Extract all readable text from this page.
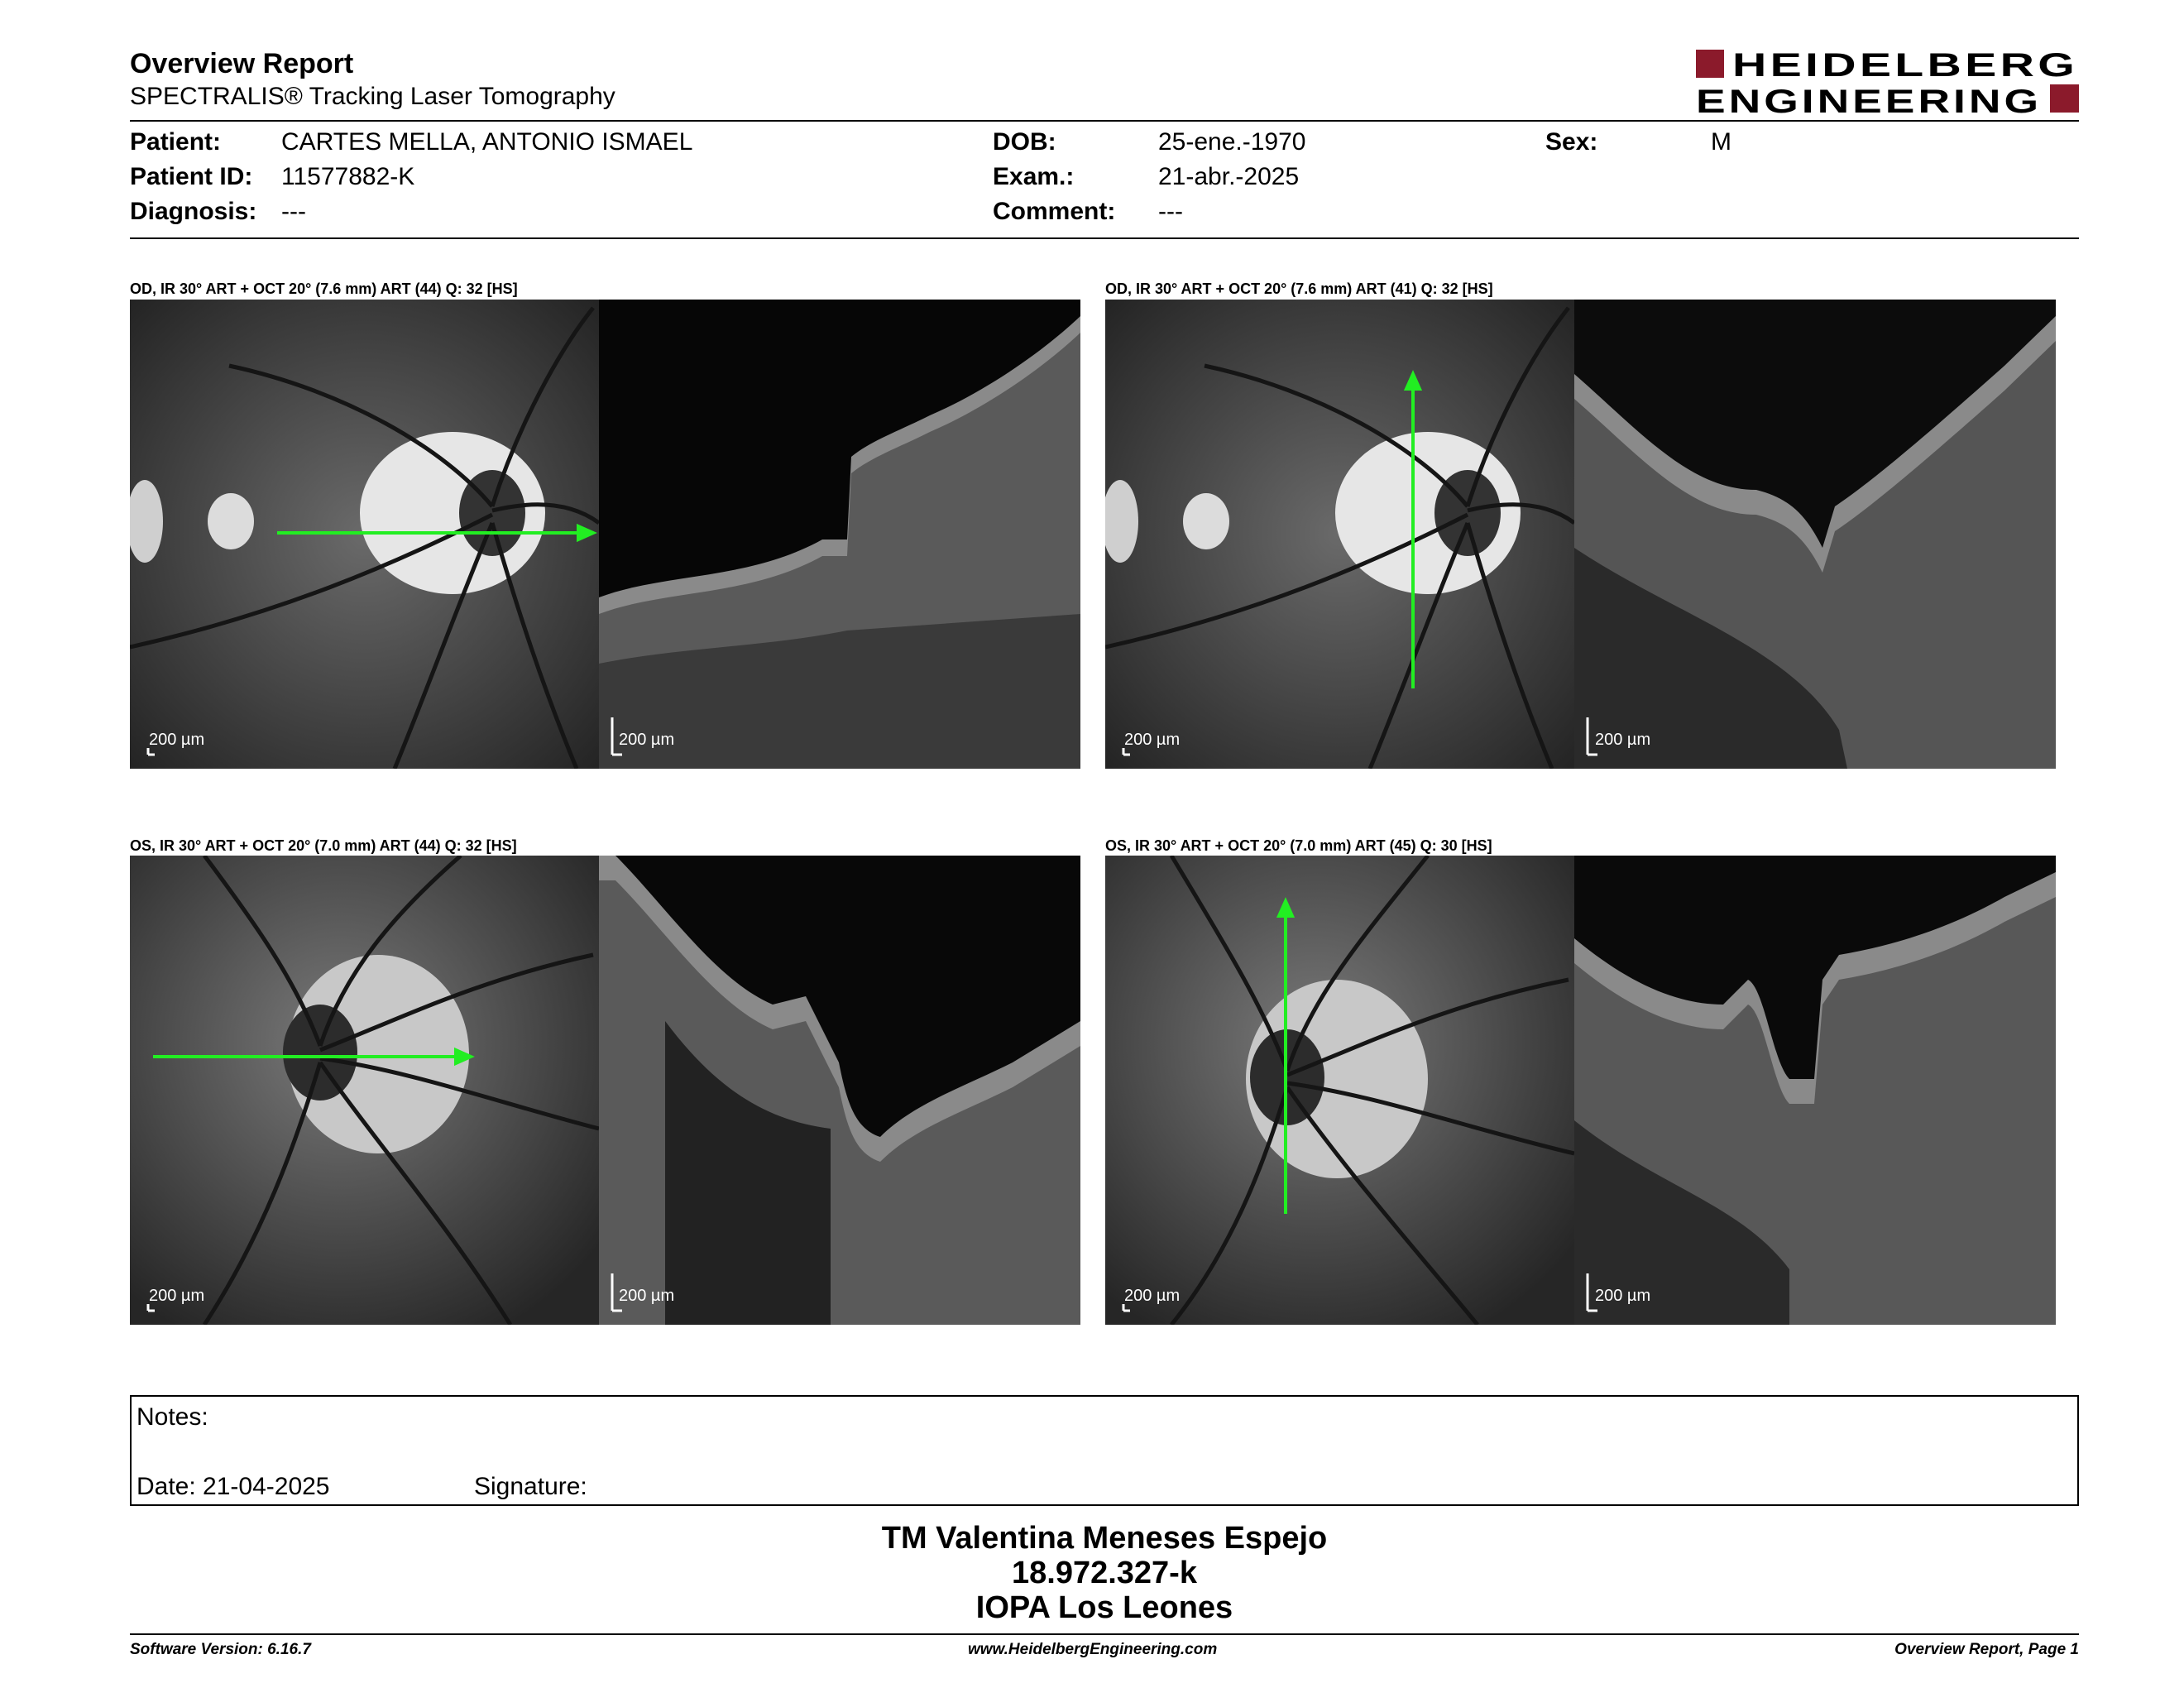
Overview Report
SPECTRALIS® Tracking Laser Tomography
HEIDELBERG
ENGINEERING
Patient: CARTES MELLA, ANTONIO ISMAEL	DOB:	25-ene.-1970	Sex:	M
Patient ID: 11577882-K	Exam.:	21-abr.-2025
Diagnosis: ---	Comment: ---
OD, IR 30° ART + OCT 20° (7.6 mm) ART (44) Q: 32 [HS]
200 µm	200 µm
OD, IR 30° ART + OCT 20° (7.6 mm) ART (41) Q: 32 [HS]
200 µm	200 µm
OS, IR 30° ART + OCT 20° (7.0 mm) ART (44) Q: 32 [HS]
200 µm	200 µm
OS, IR 30° ART + OCT 20° (7.0 mm) ART (45) Q: 30 [HS]
200 µm	200 µm
Notes:
Date: 21-04-2025	Signature:
TM Valentina Meneses Espejo
18.972.327-k
IOPA Los Leones
Software Version: 6.16.7	www.HeidelbergEngineering.com	Overview Report, Page 1
